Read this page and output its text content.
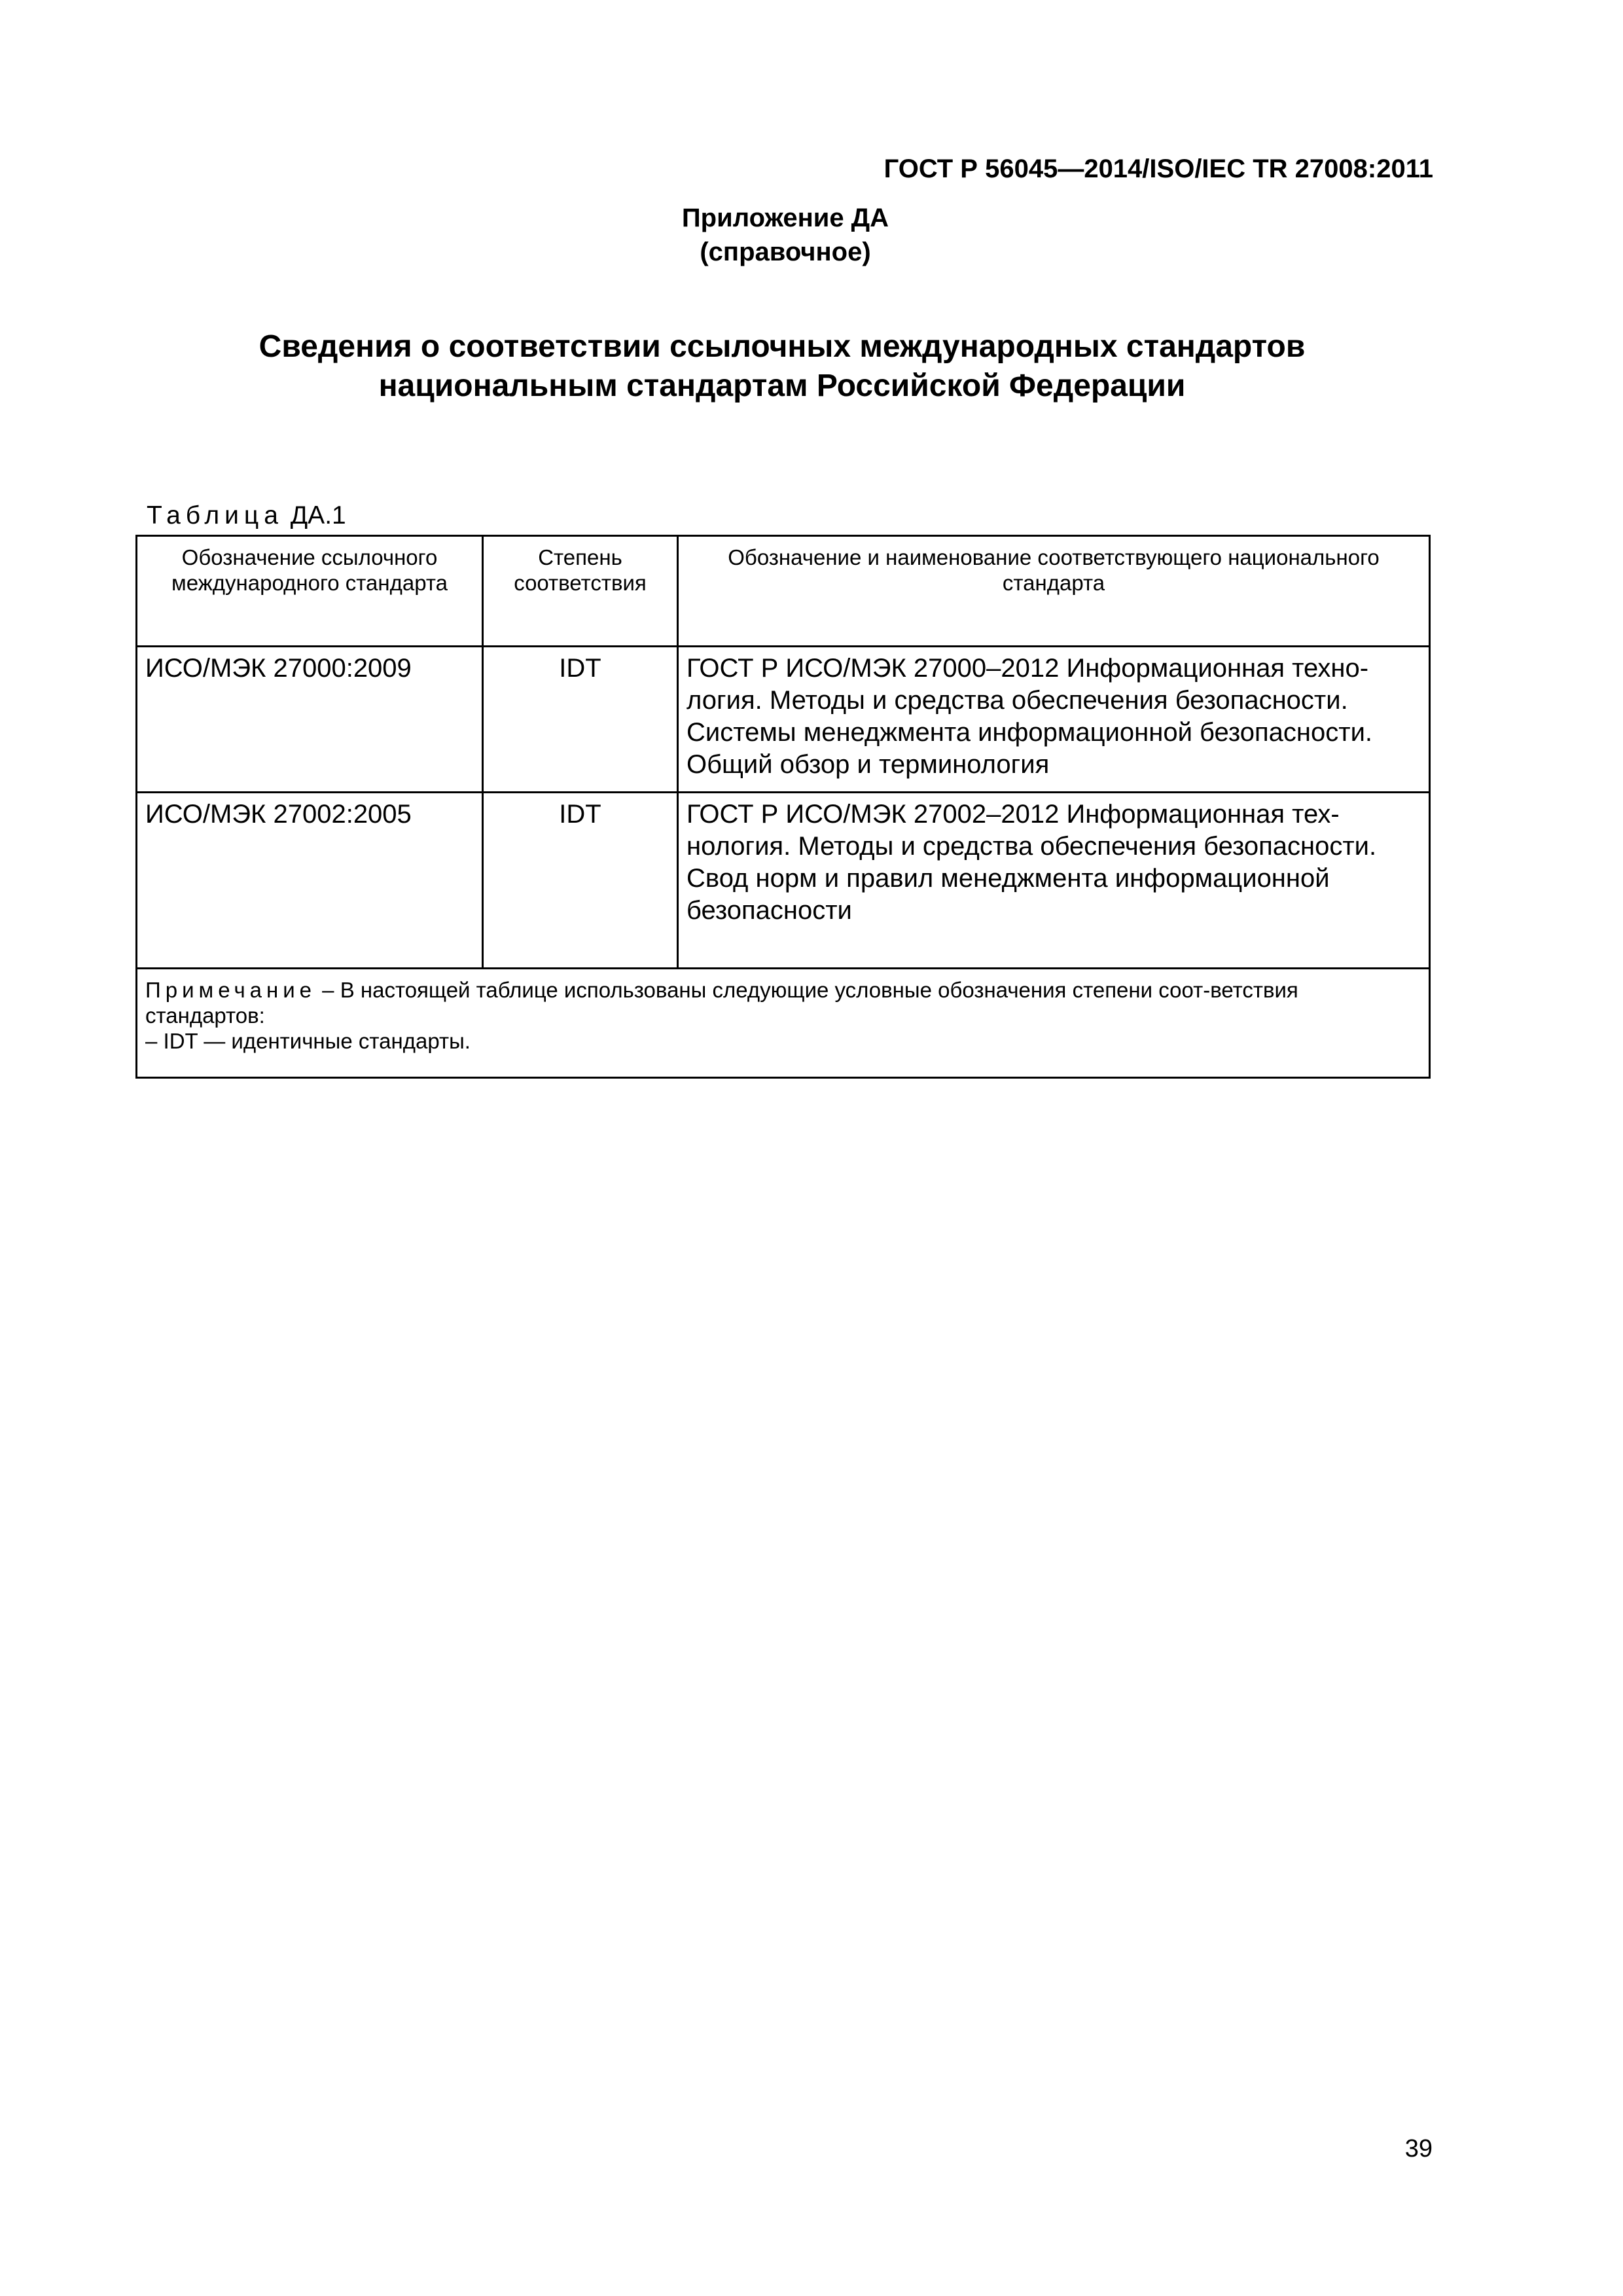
ГОСТ Р 56045—2014/ISO/IEC TR 27008:2011
Приложение ДА
(справочное)
Сведения о соответствии ссылочных международных стандартов
национальным стандартам Российской Федерации
Таблица ДА.1
Обозначение ссылочного международного стандарта	Степень соответствия	Обозначение и наименование соответствующего национального стандарта
ИСО/МЭК 27000:2009	IDT	ГОСТ Р ИСО/МЭК 27000–2012 Информационная техно-логия. Методы и средства обеспечения безопасности. Системы менеджмента информационной безопасности. Общий обзор и терминология
ИСО/МЭК 27002:2005	IDT	ГОСТ Р ИСО/МЭК 27002–2012 Информационная тех-нология. Методы и средства обеспечения безопасности. Свод норм и правил менеджмента информационной безопасности
Примечание – В настоящей таблице использованы следующие условные обозначения степени соот-ветствия стандартов:
– IDT — идентичные стандарты.		
39
